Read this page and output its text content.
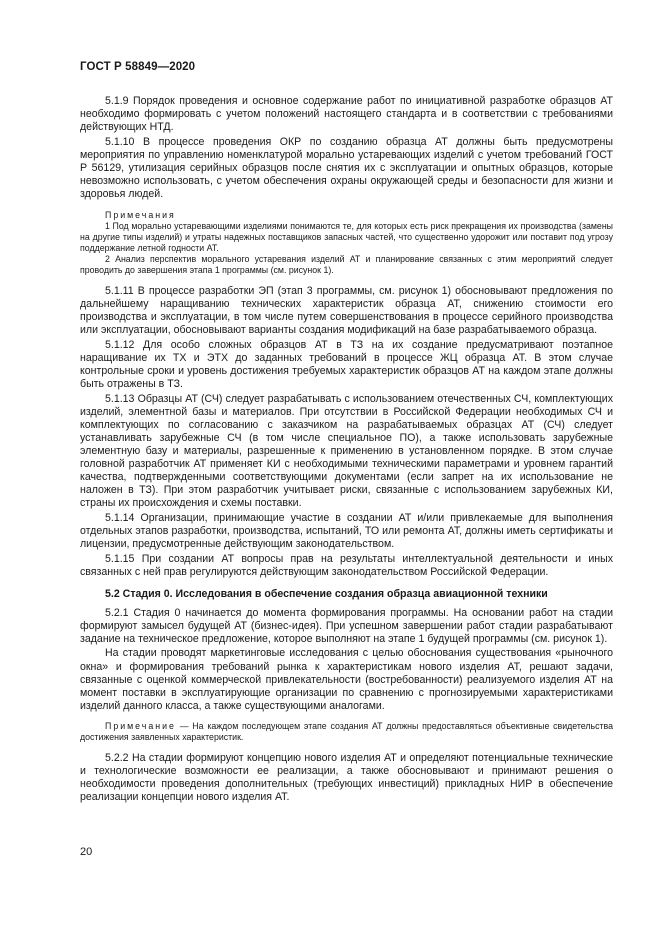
ГОСТ Р 58849—2020

5.1.9 Порядок проведения и основное содержание работ по инициативной разработке образцов АТ необходимо формировать с учетом положений настоящего стандарта и в соответствии с требованиями действующих НТД.

5.1.10 В процессе проведения ОКР по созданию образца АТ должны быть предусмотрены мероприятия по управлению номенклатурой морально устаревающих изделий с учетом требований ГОСТ Р 56129, утилизация серийных образцов после снятия их с эксплуатации и опытных образцов, которые невозможно использовать, с учетом обеспечения охраны окружающей среды и безопасности для жизни и здоровья людей.

Примечания

1 Под морально устаревающими изделиями понимаются те, для которых есть риск прекращения их производства (замены на другие типы изделий) и утраты надежных поставщиков запасных частей, что существенно удорожит или поставит под угрозу поддержание летной годности АТ.

2 Анализ перспектив морального устаревания изделий АТ и планирование связанных с этим мероприятий следует проводить до завершения этапа 1 программы (см. рисунок 1).

5.1.11 В процессе разработки ЭП (этап 3 программы, см. рисунок 1) обосновывают предложения по дальнейшему наращиванию технических характеристик образца АТ, снижению стоимости его производства и эксплуатации, в том числе путем совершенствования в процессе серийного производства или эксплуатации, обосновывают варианты создания модификаций на базе разрабатываемого образца.

5.1.12 Для особо сложных образцов АТ в ТЗ на их создание предусматривают поэтапное наращивание их ТХ и ЭТХ до заданных требований в процессе ЖЦ образца АТ. В этом случае контрольные сроки и уровень достижения требуемых характеристик образцов АТ на каждом этапе должны быть отражены в ТЗ.

5.1.13 Образцы АТ (СЧ) следует разрабатывать с использованием отечественных СЧ, комплектующих изделий, элементной базы и материалов. При отсутствии в Российской Федерации необходимых СЧ и комплектующих по согласованию с заказчиком на разрабатываемых образцах АТ (СЧ) следует устанавливать зарубежные СЧ (в том числе специальное ПО), а также использовать зарубежные элементную базу и материалы, разрешенные к применению в установленном порядке. В этом случае головной разработчик АТ применяет КИ с необходимыми техническими параметрами и уровнем гарантий качества, подтвержденными соответствующими документами (если запрет на их использование не наложен в ТЗ). При этом разработчик учитывает риски, связанные с использованием зарубежных КИ, страны их происхождения и схемы поставки.

5.1.14 Организации, принимающие участие в создании АТ и/или привлекаемые для выполнения отдельных этапов разработки, производства, испытаний, ТО или ремонта АТ, должны иметь сертификаты и лицензии, предусмотренные действующим законодательством.

5.1.15 При создании АТ вопросы прав на результаты интеллектуальной деятельности и иных связанных с ней прав регулируются действующим законодательством Российской Федерации.

5.2 Стадия 0. Исследования в обеспечение создания образца авиационной техники

5.2.1 Стадия 0 начинается до момента формирования программы. На основании работ на стадии формируют замысел будущей АТ (бизнес-идея). При успешном завершении работ стадии разрабатывают задание на техническое предложение, которое выполняют на этапе 1 будущей программы (см. рисунок 1).

На стадии проводят маркетинговые исследования с целью обоснования существования «рыночного окна» и формирования требований рынка к характеристикам нового изделия АТ, решают задачи, связанные с оценкой коммерческой привлекательности (востребованности) реализуемого изделия АТ на момент поставки в эксплуатирующие организации по сравнению с прогнозируемыми характеристиками изделий данного класса, а также существующими аналогами.

Примечание — На каждом последующем этапе создания АТ должны предоставляться объективные свидетельства достижения заявленных характеристик.

5.2.2 На стадии формируют концепцию нового изделия АТ и определяют потенциальные технические и технологические возможности ее реализации, а также обосновывают и принимают решения о необходимости проведения дополнительных (требующих инвестиций) прикладных НИР в обеспечение реализации концепции нового изделия АТ.

20
